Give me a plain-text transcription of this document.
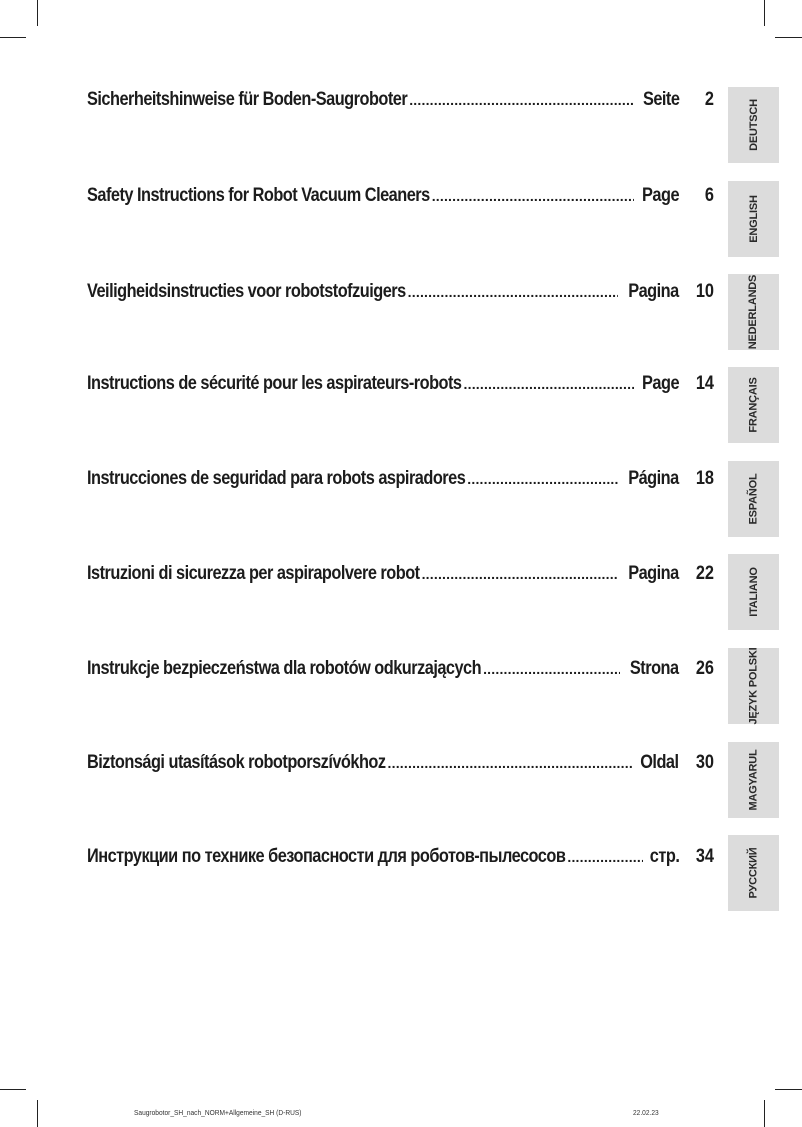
Sicherheitshinweise für Boden-Saugroboter .....	Seite	2
Safety Instructions for Robot Vacuum Cleaners .....	Page	6
Veiligheidsinstructies voor robotstofzuigers .....	Pagina 10
Instructions de sécurité pour les aspirateurs-robots .....	Page 14
Instrucciones de seguridad para robots aspiradores .....	Página 18
Istruzioni di sicurezza per aspirapolvere robot .....	Pagina 22
Instrukcje bezpieczeństwa dla robotów odkurzających .....	Strona 26
Biztonsági utasítások robotporszívókhoz .....	Oldal 30
Инструкции по технике безопасности для роботов-пылесосов .....	стр. 34
DEUTSCH
ENGLISH
NEDERLANDS
FRANÇAIS
ESPAÑOL
ITALIANO
JĘZYK POLSKI
MAGYARUL
РУССКИЙ
Saugrobotor_SH_nach_NORM+Allgemeine_SH (D-RUS)	22.02.23
